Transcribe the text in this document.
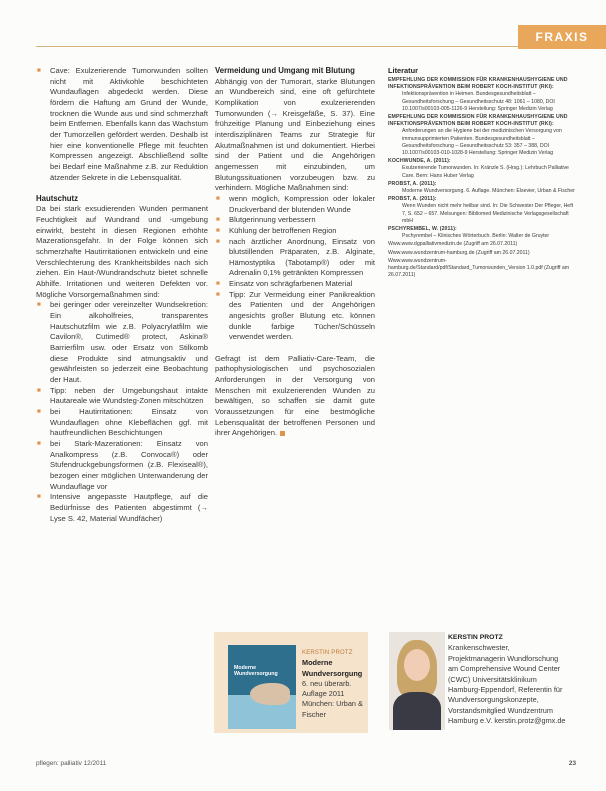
FRAXIS
■ Cave: Exulzerierende Tumorwunden sollten nicht mit Aktivkohle beschichteten Wundauflagen abgedeckt werden. Diese fördern die Haftung am Grund der Wunde, trocknen die Wunde aus und sind schmerzhaft beim Entfernen. Ebenfalls kann das Wachstum der Tumorzellen gefördert werden. Deshalb ist hier eine konventionelle Pflege mit feuchten Kompressen angezeigt. Abschließend sollte bei Bedarf eine Maßnahme z.B. zur Reduktion ätzender Sekrete in die Lebensqualität.
Hautschutz

Da bei stark exsudierenden Wunden permanent Feuchtigkeit auf Wundrand und -umgebung einwirkt, besteht in diesen Regionen erhöhte Mazerationsgefahr. In der Folge können sich schmerzhafte Hautirritationen entwickeln und eine Verschlechterung des Krankheitsbildes nach sich ziehen. Ein Haut-/Wundrandschutz bietet schnelle Abhilfe. Irritationen und weiteren Defekten vor. Mögliche Vorsorgemaßnahmen sind:

■ bei geringer oder vereinzelter Wundsekretion: Ein alkoholfreies, transparentes Hautschutzfilm wie z.B. Polyacrylatfilm wie Cavilon®, Cutimed® protect, Askina® Barrierfilm usw. oder Ersatz von Stilkomb diese Produkte sind atmungsaktiv und gewährleisten so jederzeit eine Beobachtung der Haut.
■ Tipp: neben der Umgebungshaut intakte Hautareale wie Wundsteg-Zonen mitschützen
■ bei Hautirritationen: Einsatz von Wundauflagen ohne Klebeflächen ggf. mit hautfreundlichen Beschichtungen
■ bei Stark-Mazerationen: Einsatz von Analkompress (z.B. Convoca®) oder Stufendruckgebungsformen (z.B. Flexiseal®), bezogen einer möglichen Unterwanderung der Wundauflage vor
■ Intensive angepasste Hautpflege, auf die Bedürfnisse des Patienten abgestimmt (→ Lyse S. 42, Material Wundfächer)
Vermeidung und Umgang mit Blutung

Abhängig von der Tumorart, starke Blutungen an Wundbereich sind, eine oft gefürchtete Komplikation von exulzerierenden Tumorwunden (→ Kreisgefäße, S. 37). Eine frühzeitige Planung und Einbeziehung eines interdisziplinären Teams zur Strategie für Akutmaßnahmen ist und dokumentiert. Hierbei sind der Patient und die Angehörigen angemessen mit einzubinden, um Blutungssituationen vorzubeugen bzw. zu verhindern. Mögliche Maßnahmen sind:

■ wenn möglich, Kompression oder lokaler Druckverband der blutenden Wunde
■ Blutgerinnung verbessern
■ Kühlung der betroffenen Region
■ nach ärztlicher Anordnung, Einsatz von blutstillenden Präparaten, z.B. Alginate, Hämostyptika (Tabotamp®) oder mit Adrenalin 0,1% getränkten Kompressen
■ Einsatz von schrägfarbenen Material
■ Tipp: Zur Vermeidung einer Panikreaktion des Patienten und der Angehörigen angesichts großer Blutung etc. können dunkle farbige Tücher/Schüsseln verwendet werden.

Gefragt ist dem Palliativ-Care-Team, die pathophysiologischen und psychosozialen Anforderungen in der Versorgung von Menschen mit exulzerierenden Wunden zu bewältigen, so schaffen sie damit gute Voraussetzungen für eine bestmögliche Lebensqualität der betroffenen Personen und ihrer Angehörigen.

Literatur
EMPFEHLUNG DER KOMMISSION FÜR KRANKENHAUSHYGIENE UND INFEKTIONSPRÄVENTION BEIM ROBERT KOCH-INSTITUT (RKI):
Infektionsprävention in Heimen. Bundesgesundheitsblatt – Gesundheitsforschung – Gesundheitsschutz 48: 1061 – 1080, DOI 10.1007/s00103-005-1126-9 Herstellung: Springer Medizin Verlag
EMPFEHLUNG DER KOMMISSION FÜR KRANKENHAUSHYGIENE UND INFEKTIONSPRÄVENTION BEIM ROBERT KOCH-INSTITUT (RKI):
Anforderungen an die Hygiene bei der medizinischen Versorgung von immunsupprimierten Patienten. Bundesgesundheitsblatt – Gesundheitsforschung – Gesundheitsschutz 53: 357 – 388, DOI 10.1007/s00103-010-1028-9 Herstellung: Springer Medizin Verlag
KOCHWUNDE, A. (2011):
Exulzerierende Tumorwunden. In: Kränzle S. (Hrsg.): Lehrbuch Palliative Care. Bern: Hans Huber Verlag
PROBST, A. (2011):
Moderne Wundversorgung. 6. Auflage. München: Elsevier, Urban & Fischer
PROBST, A. (2011):
Wenn Wunden nicht mehr heilbar sind. In: Die Schwester Der Pfleger, Heft 7, S. 652 – 657. Melsungen: Bibliomed Medizinische Verlagsgesellschaft mbH
PSCHYREMBEL, W. (2011):
Pschyrembel – Klinisches Wörterbuch. Berlin: Walter de Gruyter
Www.www.dgpalliativmedizin.de (Zugriff am 26.07.2011)
Www.www.wundzentrum-hamburg.de (Zugriff am 26.07.2011)
Www.www.wundzentrum-hamburg.de/Standard/pdf/Standard_Tumorwunden_Version 1.0.pdf (Zugriff am 26.07.2011)
Moderne Wundversorgung
KERSTIN PROTZ
Moderne Wundversorgung
6. neu überarb. Auflage 2011 München: Urban & Fischer
KERSTIN PROTZ
Krankenschwester, Projektmanagerin Wundforschung am Comprehensive Wound Center (CWC) Universitätsklinikum Hamburg-Eppendorf, Referentin für Wundversorgungskonzepte, Vorstandsmitglied Wundzentrum Hamburg e.V. kerstin.protz@gmx.de
pflegen: palliativ 12/2011	23
